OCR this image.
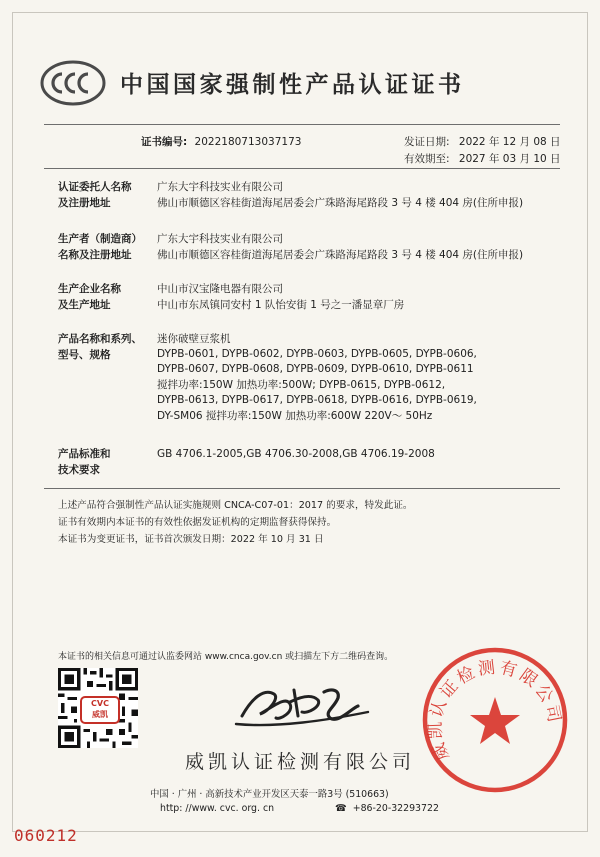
中国国家强制性产品认证证书
证书编号: 2022180713037173	发证日期: 2022 年 12 月 08 日
有效期至: 2027 年 03 月 10 日
认证委托人名称
及注册地址
广东大宇科技实业有限公司
佛山市顺德区容桂街道海尾居委会广珠路海尾路段 3 号 4 楼 404 房(住所申报)
生产者（制造商）
名称及注册地址
广东大宇科技实业有限公司
佛山市顺德区容桂街道海尾居委会广珠路海尾路段 3 号 4 楼 404 房(住所申报)
生产企业名称
及生产地址
中山市汉宝隆电器有限公司
中山市东凤镇同安村 1 队怡安街 1 号之一潘显章厂房
产品名称和系列、
型号、规格
迷你破壁豆浆机
DYPB-0601, DYPB-0602, DYPB-0603, DYPB-0605, DYPB-0606,
DYPB-0607, DYPB-0608, DYPB-0609, DYPB-0610, DYPB-0611
搅拌功率:150W 加热功率:500W; DYPB-0615, DYPB-0612,
DYPB-0613, DYPB-0617, DYPB-0618, DYPB-0616, DYPB-0619,
DY-SM06 搅拌功率:150W 加热功率:600W 220V～ 50Hz
产品标准和
技术要求
GB 4706.1-2005,GB 4706.30-2008,GB 4706.19-2008
上述产品符合强制性产品认证实施规则 CNCA-C07-01：2017 的要求，特发此证。
证书有效期内本证书的有效性依据发证机构的定期监督获得保持。
本证书为变更证书，证书首次颁发日期：2022 年 10 月 31 日
本证书的相关信息可通过认监委网站 www.cnca.gov.cn 或扫描左下方二维码查询。
CVC
威凯
威凯认证检测有限公司
中国 · 广州 · 高新技术产业开发区天泰一路3号 (510663)
http: //www. cvc. org. cn	☎ +86-20-32293722
威凯认证检测有限公司
060212
